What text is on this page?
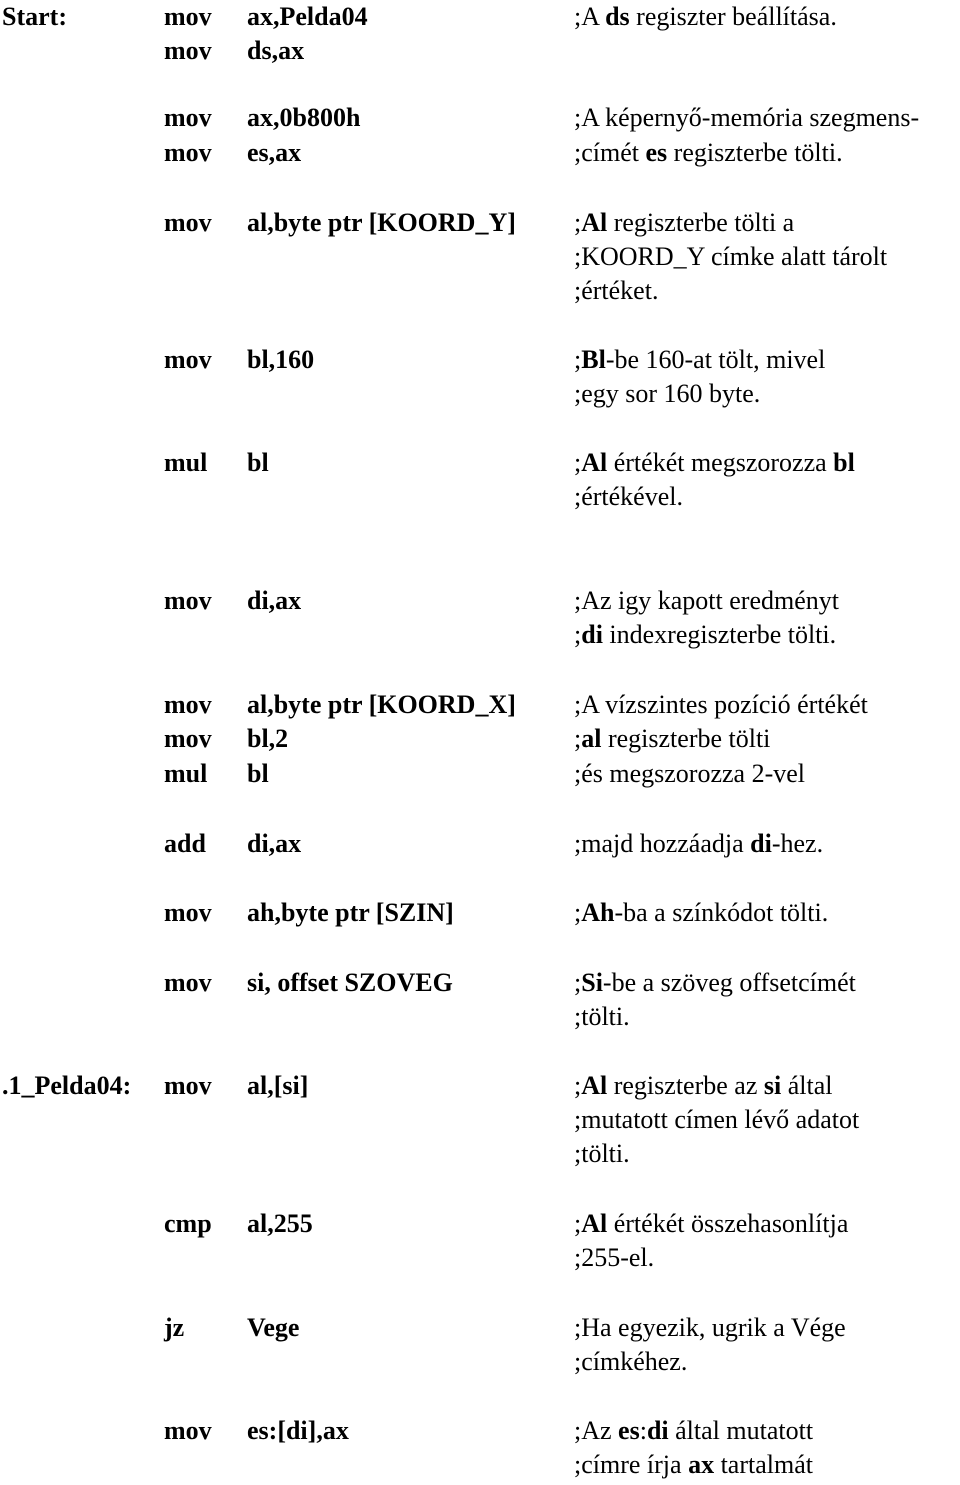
Start:	mov ax,Pelda04	;A ds regiszter beállítása.
mov ds,ax
mov ax,0b800h	;A képernyő-memória szegmens-
mov es,ax	;címét es regiszterbe tölti.
mov al,byte ptr [KOORD_Y] ;Al regiszterbe tölti a
;KOORD_Y címke alatt tárolt
;értéket.
mov bl,160	;Bl-be 160-at tölt, mivel
;egy sor 160 byte.
mul bl	;Al értékét megszorozza bl
;értékével.
mov di,ax	;Az igy kapott eredményt
;di indexregiszterbe tölti.
mov al,byte ptr [KOORD_X] ;A vízszintes pozíció értékét
mov bl,2	;al regiszterbe tölti
mul bl	;és megszorozza 2-vel
add di,ax	;majd hozzáadja di-hez.
mov ah,byte ptr [SZIN]	;Ah-ba a színkódot tölti.
mov si, offset SZOVEG	;Si-be a szöveg offsetcímét
;tölti.
.1_Pelda04: mov al,[si]	;Al regiszterbe az si által
;mutatott címen lévő adatot
;tölti.
cmp al,255	;Al értékét összehasonlítja
;255-el.
jz Vege	;Ha egyezik, ugrik a Vége
;címkéhez.
mov es:[di],ax	;Az es:di által mutatott
;címre írja ax tartalmát
